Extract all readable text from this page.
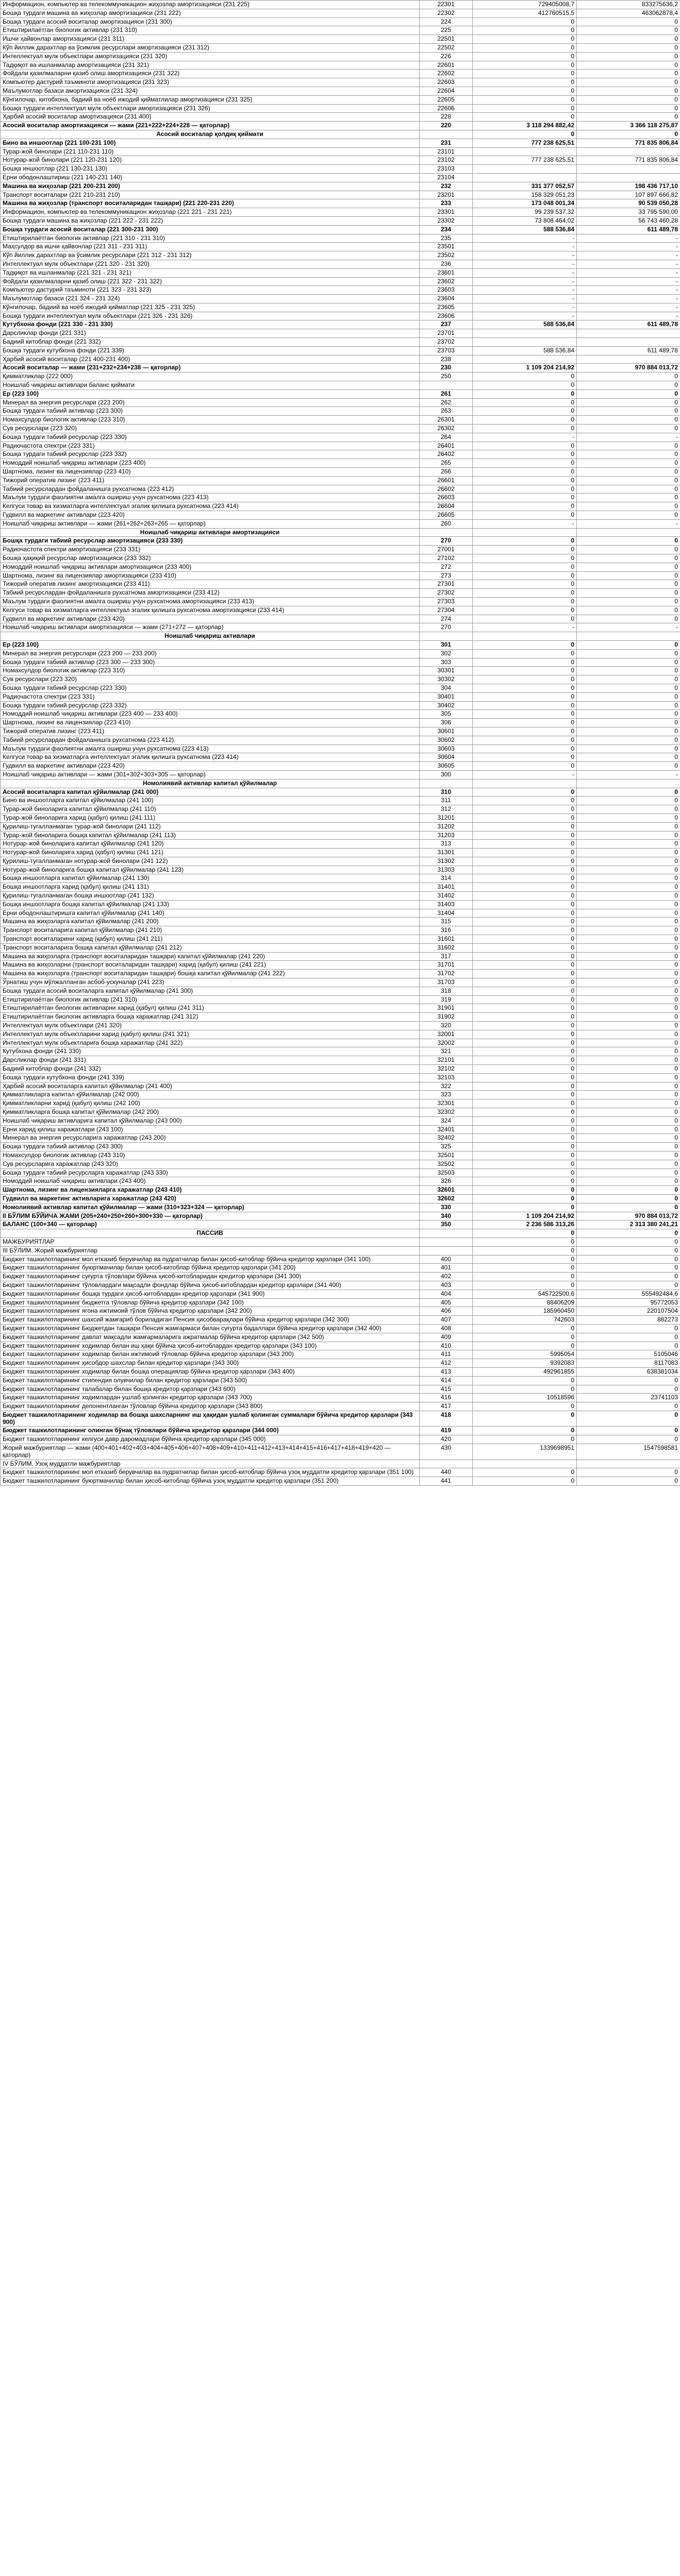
Информацион, компьютер ва телекоммуникацион жиҳозлар амортизацияси (231 225)	22301	729405008,7	833275636,2
Бошқа турдаги машина ва жиҳозлар амортизацияси (231 222)	22302	412760515,5	463062878,4
Бошқа турдаги асосий воситалар амортизацияси (231 300)	224	0	0
Етиштирилаётган биологик активлар (231 310)	225	0	0
Ишчи ҳайвонлар амортизацияси (231 311)	22501	0	0
Кўп йиллик дарахтлар ва ўсимлик ресурслари амортизацияси (231 312)	22502	0	0
Интеллектуал мулк объектлари амортизацияси (231 320)	226	0	0
Тадқиқот ва ишланмалар амортизацияси (231 321)	22601	0	0
Фойдали қазилмаларни қазиб олиш амортизацияси (231 322)	22602	0	0
Компьютер дастурий таъминоти амортизацияси (231 323)	22603	0	0
Маълумотлар базаси амортизацияси (231 324)	22604	0	0
Кўнгилочар, китобхона, бадиий ва ноёб ижодий қийматлилар амортизацияси (231 325)	22605	0	0
Бошқа турдаги интеллектуал мулк объектлари амортизацияси (231 326)	22606	0	0
Ҳарбий асосий воситалар амортизацияси (231 400)	228	0	0
Асосий воситалар амортизацияси — жами (221+222+224+228 — қаторлар)	220	3 118 294 882,42	3 366 118 275,87
Асосий воситалар қолдиқ қиймати		0	0
Бино ва иншоотлар (221 100-231 100)	231	777 238 625,51	771 835 806,84
Турар-жой бинолари (221 110-231 110)	23101		
Нотурар-жой бинолари (221 120-231 120)	23102	777 238 625,51	771 835 806,84
Бошқа иншоотлар (221 130-231 130)	23103		
Ерни ободонлаштириш (221 140-231 140)	23104		
Машина ва жиҳозлар (221 200-231 200)	232	331 377 052,57	198 436 717,10
Транспорт воситалари (221 210-231 210)	23201	158 329 051,23	107 897 666,82
Машина ва жиҳозлар (транспорт воситаларидан ташқари) (221 220-231 220)	233	173 048 001,34	90 539 050,28
Информацион, компьютер ва телекоммуникацион жиҳозлар (221 221 - 231 221)	23301	99 239 537,32	33 795 590,00
Бошқа турдаги машина ва жиҳозлар (221 222 - 231 222)	23302	73 808 464,02	56 743 460,28
Бошқа турдаги асосий воситалар (221 300-231 300)	234	588 536,84	611 489,78
Етиштирилаётган биологик активлар (221 310 - 231 310)	235	-	-
Маҳсулдор ва ишчи ҳайвонлар (221 311 - 231 311)	23501	-	-
Кўп йиллик дарахтлар ва ўсимлик ресурслари (221 312 - 231 312)	23502	-	-
Интеллектуал мулк объектлари (221 320 - 231 320)	236	-	-
Тадқиқот ва ишланмалар (221 321 - 231 321)	23601	-	-
Фойдали қазилмаларни қазиб олиш (221 322 - 231 322)	23602	-	-
Компьютер дастурий таъминоти (221 323 - 231 323)	23603	-	-
Маълумотлар базаси (221 324 - 231 324)	23604	-	-
Кўнгилочар, бадиий ва ноёб ижодий қийматлар (221 325 - 231 325)	23605	-	-
Бошқа турдаги интеллектуал мулк объектлари (221 326 - 231 326)	23606	-	-
Кутубхона фонди (221 330 - 231 330)	237	588 536,84	611 489,78
Дарсликлар фонди (221 331)	23701		
Бадиий китоблар фонди (221 332)	23702		
Бошқа турдаги кутубхона фонди (221 339)	23703	588 536,84	611 489,78
Ҳарбий асосий воситалар (221 400-231 400)	238		
Асосий воситалар — жами (231+232+234+238 — қаторлар)	230	1 109 204 214,92	970 884 013,72
Қимматликлар (222 000)	250	0	0
Ноишлаб чиқариш активлари баланс қиймати		0	0
Ер (223 100)	261	0	0
Минерал ва энергия ресурслари (223 200)	262	0	0
Бошқа турдаги табиий активлар (223 300)	263	0	0
Номахсулдор биологик активлар (223 310)	26301	0	0
Сув ресурслари (223 320)	26302	0	0
Бошқа турдаги табиий ресурслар (223 330)	264	-	-
Радиочастота спектри (223 331)	26401	0	0
Бошқа турдаги табиий ресурслар (223 332)	26402	0	0
Номоддий ноишлаб чиқариш активлари (223 400)	265	0	0
Шартнома, лизинг ва лицензиялар (223 410)	266	0	0
Тижорий оператив лизинг (223 411)	26601	0	0
Табиий ресурслардан фойдаланишга рухсатнома (223 412)	26602	0	0
Маълум турдаги фаолиятни амалга ошириш учун рухсатнома (223 413)	26603	0	0
Келгуси товар ва хизматларга интеллектуал эгалик қилишга рухсатнома (223 414)	26604	0	0
Гудвилл ва маркетинг активлари (223 420)	26605	0	0
Ноишлаб чиқариш активлари — жами (261+262+263+265 — қаторлар)	260	-	-
Ноишлаб чиқариш активлари амортизацияси			
Бошқа турдаги табиий ресурслар амортизацияси (233 330)	270	0	0
Радиочастота спектри амортизацияси (233 331)	27001	0	0
Бошқа ҳақиқий ресурслар амортизацияси (233 332)	27102	0	0
Номоддий ноишлаб чиқариш активлари амортизацияси (233 400)	272	0	0
Шартнома, лизинг ва лицензиялар амортизацияси (233 410)	273	0	0
Тижорий оператив лизинг амортизацияси (233 411)	27301	0	0
Табиий ресурслардан фойдаланишга рухсатнома амортизацияси (233 412)	27302	0	0
Маълум турдаги фаолиятни амалга ошириш учун рухсатнома амортизацияси (233 413)	27303	0	0
Келгуси товар ва хизматларга интеллектуал эгалик қилишга рухсатнома амортизацияси (233 414)	27304	0	0
Гудвилл ва маркетинг активлари (233 420)	274	0	0
Ноишлаб чиқариш активлари амортизацияси — жами (271+272 — қаторлар)	270	-	-
Ноишлаб чиқариш активлари			
Ер (223 100)	301	0	0
Минерал ва энергия ресурслари (223 200 — 233 200)	302	0	0
Бошқа турдаги табиий активлар (223 300 — 233 300)	303	0	0
Номахсулдор биологик активлар (223 310)	30301	0	0
Сув ресурслари (223 320)	30302	0	0
Бошқа турдаги табиий ресурслар (223 330)	304	0	0
Радиочастота спектри (223 331)	30401	0	0
Бошқа турдаги табиий ресурслар (223 332)	30402	0	0
Номоддий ноишлаб чиқариш активлари (223 400 — 233 400)	305	0	0
Шартнома, лизинг ва лицензиялар (223 410)	306	0	0
Тижорий оператив лизинг (223 411)	30601	0	0
Табиий ресурслардан фойдаланишга рухсатнома (223 412)	30602	0	0
Маълум турдаги фаолиятни амалга ошириш учун рухсатнома (223 413)	30603	0	0
Келгуси товар ва хизматларга интеллектуал эгалик қилишга рухсатнома (223 414)	30604	0	0
Гудвилл ва маркетинг активлари (223 420)	30605	0	0
Ноишлаб чиқариш активлари — жами (301+302+303+305 — қаторлар)	300	-	-
Номолиявий активлар капитал қўйилмалар			
Асосий воситаларга капитал қўйилмалар (241 000)	310	0	0
Бино ва иншоотларга капитал қўйилмалар (241 100)	311	0	0
Турар-жой биноларига капитал қўйилмалар (241 110)	312	0	0
Турар-жой биноларига харид (қабул) қилиш (241 111)	31201	0	0
Қурилиш-тугалланмаган турар-жой бинолари (241 112)	31202	0	0
Турар-жой биноларига бошқа капитал қўйилмалар (241 113)	31203	0	0
Нотурар-жой биноларига капитал қўйилмалар (241 120)	313	0	0
Нотурар-жой биноларига харид (қабул) қилиш (241 121)	31301	0	0
Қурилиш-тугалланмаган нотурар-жой бинолари (241 122)	31302	0	0
Нотурар-жой биноларига бошқа капитал қўйилмалар (241 123)	31303	0	0
Бошқа иншоотларга капитал қўйилмалар (241 130)	314	0	0
Бошқа иншоотларга харид (қабул) қилиш (241 131)	31401	0	0
Қурилиш-тугалланмаган бошқа иншоотлар (241 132)	31402	0	0
Бошқа иншоотларга бошқа капитал қўйилмалар (241 133)	31403	0	0
Ерни ободонлаштиришга капитал қўйилмалар (241 140)	31404	0	0
Машина ва жиҳозларга капитал қўйилмалар (241 200)	315	0	0
Транспорт воситаларига капитал қўйилмалар (241 210)	316	0	0
Транспорт воситаларини харид (қабул) қилиш (241 211)	31601	0	0
Транспорт воситаларига бошқа капитал қўйилмалар (241 212)	31602	0	0
Машина ва жиҳозларга (транспорт воситаларидан ташқари) капитал қўйилмалар (241 220)	317	0	0
Машина ва жиҳозларни (транспорт воситаларидан ташқари) харид (қабул) қилиш (241 221)	31701	0	0
Машина ва жиҳозларга (транспорт воситаларидан ташқари) бошқа капитал қўйилмалар (241 222)	31702	0	0
Ўрнатиш учун мўлжалланган асбоб-ускуналар (241 223)	31703	0	0
Бошқа турдаги асосий воситаларга капитал қўйилмалар (241 300)	318	0	0
Етиштирилаётган биологик активлар (241 310)	319	0	0
Етиштирилаётган биологик активларни харид (қабул) қилиш (241 311)	31901	0	0
Етиштирилаётган биологик активларга бошқа харажатлар (241 312)	31902	0	0
Интеллектуал мулк объектлари (241 320)	320	0	0
Интеллектуал мулк объектларини харид (қабул) қилиш (241 321)	32001	0	0
Интеллектуал мулк объектларига бошқа харажатлар (241 322)	32002	0	0
Кутубхона фонди (241 330)	321	0	0
Дарсликлар фонди (241 331)	32101	0	0
Бадиий китоблар фонди (241 332)	32102	0	0
Бошқа турдаги кутубхона фонди (241 339)	32103	0	0
Ҳарбий асосий воситаларга капитал қўйилмалар (241 400)	322	0	0
Қимматликларга капитал қўйилмалар (242 000)	323	0	0
Қимматликларни харид (қабул) қилиш (242 100)	32301	0	0
Қимматликларга бошқа капитал қўйилмалар (242 200)	32302	0	0
Ноишлаб чиқариш активларига капитал қўйилмалар (243 000)	324	0	0
Ерни харид қилиш харажатлари (243 100)	32401	0	0
Минерал ва энергия ресурсларига харажатлар (243 200)	32402	0	0
Бошқа турдаги табиий активлар (243 300)	325	0	0
Номахсулдор биологик активлар (243 310)	32501	0	0
Сув ресурсларига харажатлар (243 320)	32502	0	0
Бошқа турдаги табиий ресурсларга харажатлар (243 330)	32503	0	0
Номоддий ноишлаб чиқариш активлари (243 400)	326	0	0
Шартнома, лизинг ва лицензияларга харажатлар (243 410)	32601	0	0
Гудвилл ва маркетинг активларига харажатлар (243 420)	32602	0	0
Номолиявий активлар капитал қўйилмалар — жами (310+323+324 — қаторлар)	330	0	0
II БЎЛИМ БЎЙИЧА ЖАМИ (205+240+250+260+300+330 — қаторлар)	340	1 109 204 214,92	970 884 013,72
БАЛАНС (100+340 — қаторлар)	350	2 236 586 313,26	2 313 380 241,21
ПАССИВ		0	0
МАЖБУРИЯТЛАР		0	0
III БЎЛИМ. Жорий мажбуриятлар		0	0
Бюджет ташкилотларининг мол етказиб берувчилар ва пудратчилар билан ҳисоб-китоблар бўйича кредитор қарзлари (341 100)	400	0	0
Бюджет ташкилотларининг буюртмачилар билан ҳисоб-китоблар бўйича кредитор қарзлари (341 200)	401	0	0
Бюджет ташкилотларининг суғурта тўловлари бўйича ҳисоб-китобларидан кредитор қарзлари (341 300)	402	0	0
Бюджет ташкилотларининг тўловлардаги мақсадли фондлар бўйича ҳисоб-китоблардан кредитор қарзлари (341 400)	403	0	0
Бюджет ташкилотларининг бошқа турдаги ҳисоб-китоблардан кредитор қарзлари (341 900)	404	545722500,6	555492484,6
Бюджет ташкилотларининг бюджетга тўловлар бўйича кредитор қарзлари (342 100)	405	88406209	95772053
Бюджет ташкилотларининг ягона ижтимоий тўлов бўйича кредитор қарзлари (342 200)	406	185960450	220107504
Бюджет ташкилотларининг шахсий жамғариб бориладиган Пенсия ҳисобварақлари бўйича кредитор қарзлари (342 300)	407	742603	882273
Бюджет ташкилотларининг Бюджетдан ташқари Пенсия жамғармаси билан суғурта бадаллари бўйича кредитор қарзлари (342 400)	408	0	0
Бюджет ташкилотларининг давлат мақсадли жамғармаларига ажратмалар бўйича кредитор қарзлари (342 500)	409	0	0
Бюджет ташкилотларининг ходимлар билан иш ҳақи бўйича ҳисоб-китоблардан кредитор қарзлари (343 100)	410	0	0
Бюджет ташкилотларининг ходимлар билан ижтимоий тўловлар бўйича кредитор қарзлари (343 200)	411	5995054	5105046
Бюджет ташкилотларининг ҳисобдор шахслар билан кредитор қарзлари (343 300)	412	9392083	8117083
Бюджет ташкилотларининг ходимлар билан бошқа операциялар бўйича кредитор қарзлари (343 400)	413	492961855	638381034
Бюджет ташкилотларининг стипендия олувчилар билан кредитор қарзлари (343 500)	414	0	0
Бюджет ташкилотларининг талабалар билан бошқа кредитор қарзлари (343 600)	415	0	0
Бюджет ташкилотларининг ходимлардан ушлаб қолинган кредитор қарзлари (343 700)	416	10518596	23741103
Бюджет ташкилотларининг депонентланган тўловлар бўйича кредитор қарзлари (343 800)	417	0	0
Бюджет ташкилотларининг ходимлар ва бошқа шахсларнинг иш ҳақидан ушлаб қолинган суммалари бўйича кредитор қарзлари (343 900)	418	0	0
Бюджет ташкилотларининг олинган бўнақ тўловлари бўйича кредитор қарзлари (344 000)	419	0	0
Бюджет ташкилотларининг келгуси давр даромадлари бўйича кредитор қарзлари (345 000)	420	0	0
Жорий мажбуриятлар — жами (400+401+402+403+404+405+406+407+408+409+410+411+412+413+414+415+416+417+418+419+420 — қаторлар)	430	1339698951	1547598581
IV БЎЛИМ. Узоқ муддатли мажбуриятлар			
Бюджет ташкилотларининг мол етказиб берувчилар ва пудратчилар билан ҳисоб-китоблар бўйича узоқ муддатли кредитор қарзлари (351 100)	440	0	0
Бюджет ташкилотларининг буюртмачилар билан ҳисоб-китоблар бўйича узоқ муддатли кредитор қарзлари (351 200)	441	0	0
